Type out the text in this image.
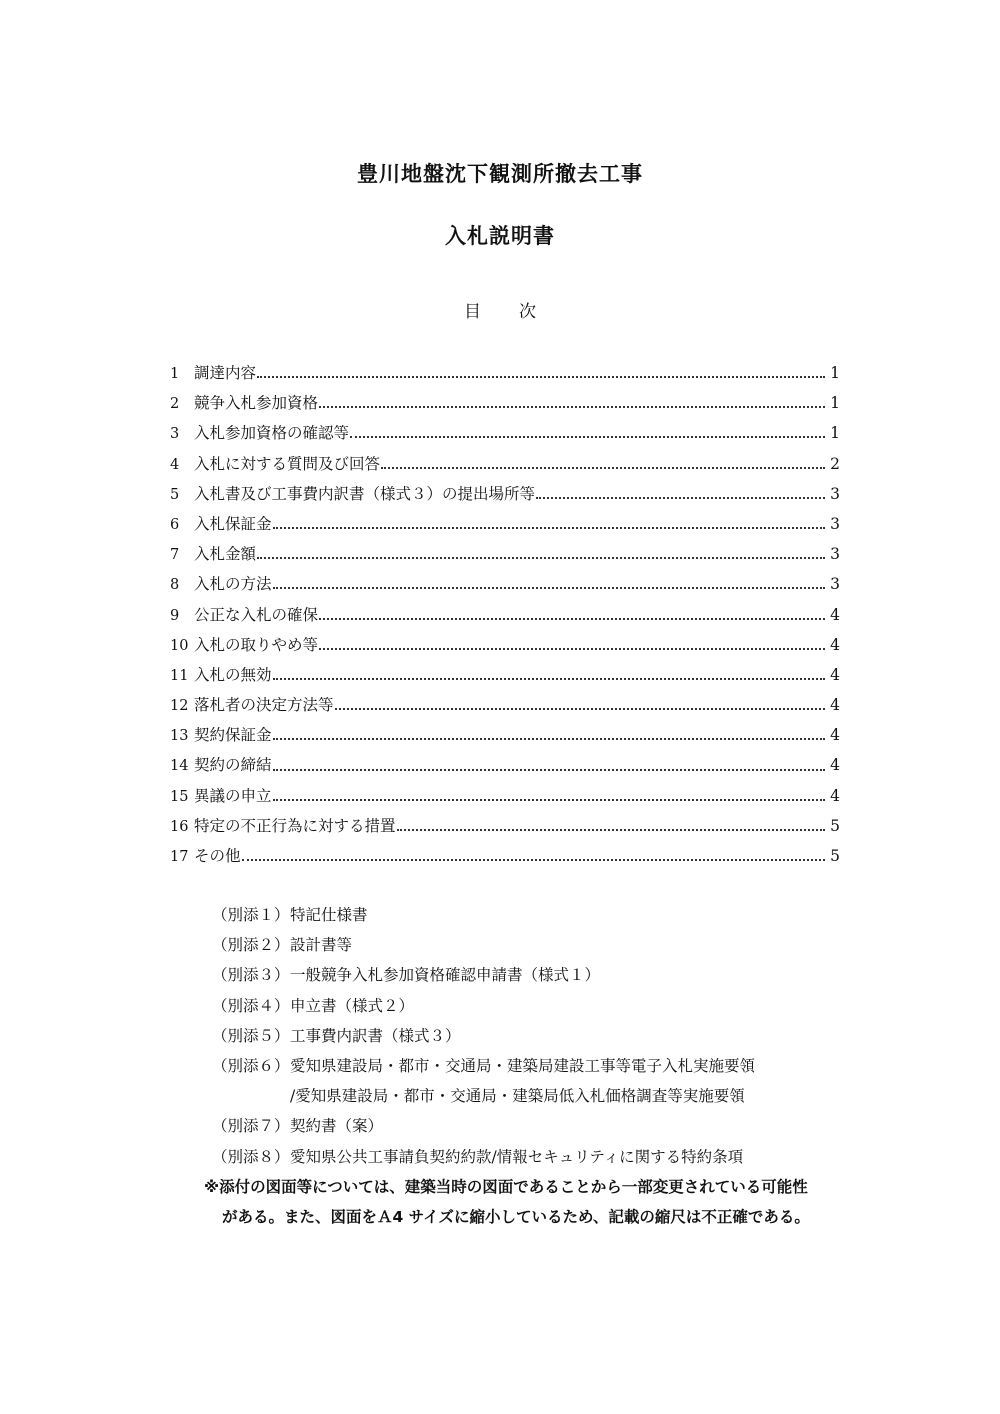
豊川地盤沈下観測所撤去工事
入札説明書
目次
1 調達内容	1
2 競争入札参加資格	1
3 入札参加資格の確認等	1
4 入札に対する質問及び回答	2
5 入札書及び工事費内訳書（様式３）の提出場所等	3
6 入札保証金	3
7 入札金額	3
8 入札の方法	3
9 公正な入札の確保	4
10 入札の取りやめ等	4
11 入札の無効	4
12 落札者の決定方法等	4
13 契約保証金	4
14 契約の締結	4
15 異議の申立	4
16 特定の不正行為に対する措置	5
17 その他	5
（別添１） 特記仕様書
（別添２） 設計書等
（別添３） 一般競争入札参加資格確認申請書（様式１）
（別添４） 申立書（様式２）
（別添５） 工事費内訳書（様式３）
（別添６） 愛知県建設局・都市・交通局・建築局建設工事等電子入札実施要領
/愛知県建設局・都市・交通局・建築局低入札価格調査等実施要領
（別添７） 契約書（案）
（別添８） 愛知県公共工事請負契約約款/情報セキュリティに関する特約条項
※添付の図面等については、建築当時の図面であることから一部変更されている可能性
がある。また、図面をＡ4 サイズに縮小しているため、記載の縮尺は不正確である。
